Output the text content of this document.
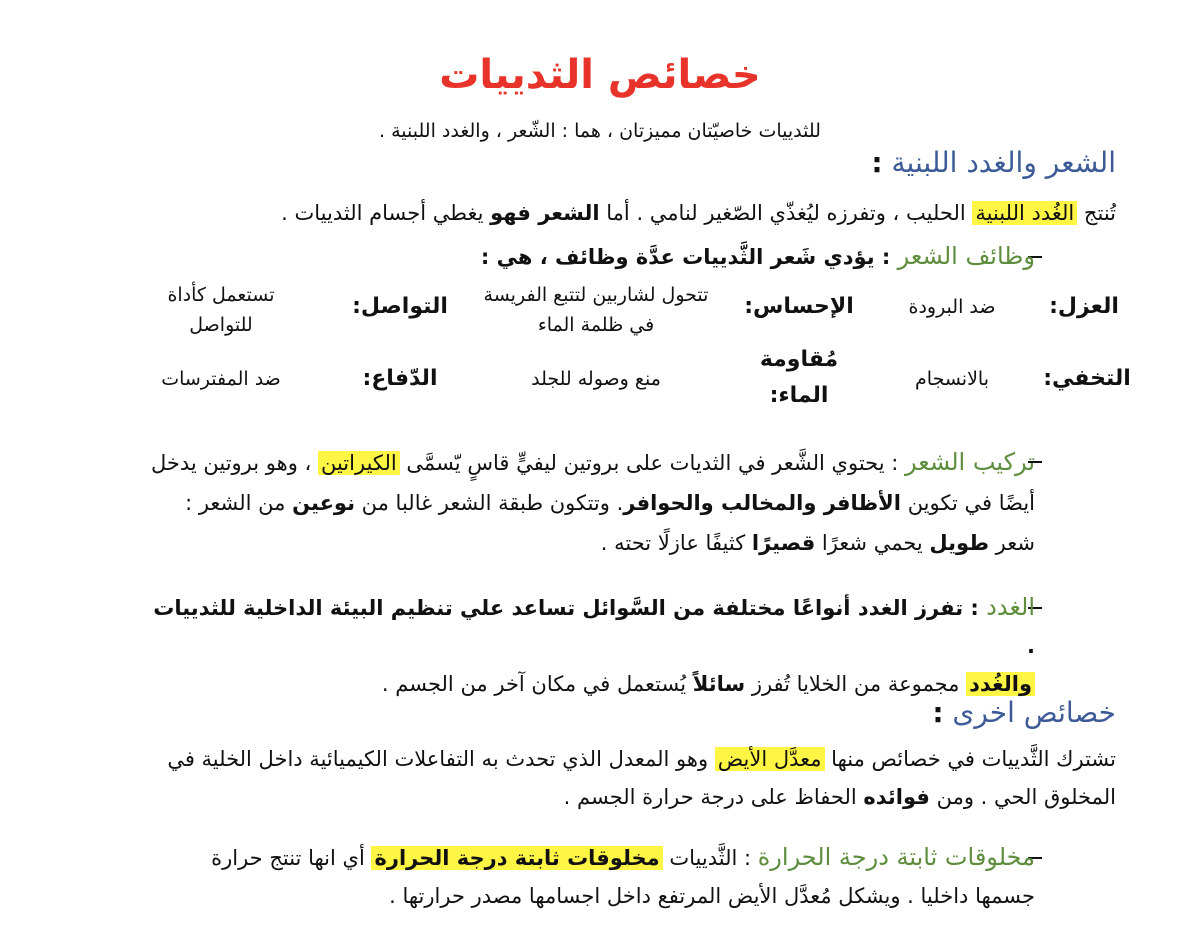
خصائص الثدييات
للثدييات خاصيّتان مميزتان ، هما : الشّعر ، والغدد اللبنية .
الشعر والغدد اللبنية :

تُنتج الغُدد اللبنية الحليب ، وتفرزه ليُغذّي الصّغير لنامي . أما الشعر فهو يغطي أجسام الثدييات .

وظائف الشعر : يؤدي شَعر الثَّدييات عدَّة وظائف ، هي :

العزل:
ضد البرودة
الإحساس:
تتحول لشاربين لتتبع الفريسة في ظلمة الماء
التواصل:
تستعمل كأداة للتواصل
التخفي:
بالانسجام
مُقاومة الماء:
منع وصوله للجلد
الدّفاع:
ضد المفترسات

تركيب الشعر : يحتوي الشَّعر في الثديات على بروتين ليفيٍّ قاسٍ يّسمَّى الكيراتين ، وهو بروتين يدخل أيضًا في تكوين الأظافر والمخالب والحوافر. وتتكون طبقة الشعر غالبا من نوعين من الشعر : شعر طويل يحمي شعرًا قصيرًا كثيفًا عازلًا تحته .

الغدد : تفرز الغدد أنواعًا مختلفة من السَّوائل تساعد علي تنظيم البيئة الداخلية للثدييات .
والغُدد مجموعة من الخلايا تُفرز سائلاً يُستعمل في مكان آخر من الجسم .

خصائص اخرى :

تشترك الثَّدييات في خصائص منها معدَّل الأيض وهو المعدل الذي تحدث به التفاعلات الكيميائية داخل الخلية في المخلوق الحي . ومن فوائده الحفاظ على درجة حرارة الجسم .

مخلوقات ثابتة درجة الحرارة : الثَّدييات مخلوقات ثابتة درجة الحرارة أي انها تنتج حرارة جسمها داخليا . ويشكل مُعدَّل الأيض المرتفع داخل اجسامها مصدر حرارتها .
